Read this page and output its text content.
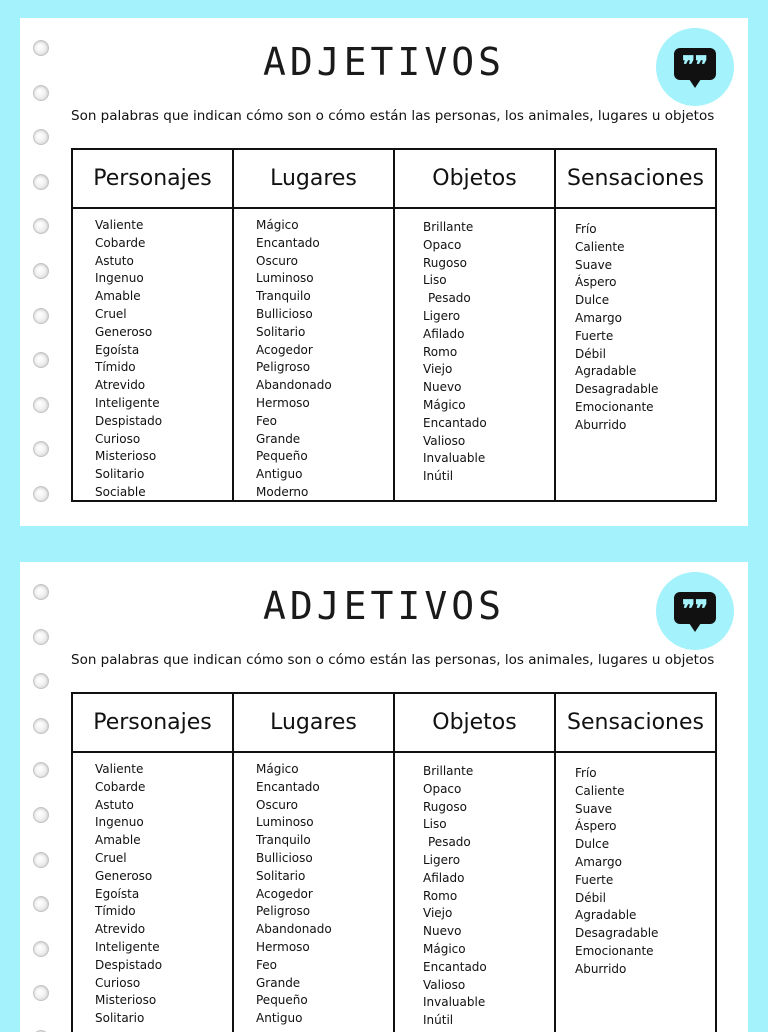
ADJETIVOS	❞❞
Son palabras que indican cómo son o cómo están las personas, los animales, lugares u objetos
Personajes
Valiente
Cobarde
Astuto
Ingenuo
Amable
Cruel
Generoso
Egoísta
Tímido
Atrevido
Inteligente
Despistado
Curioso
Misterioso
Solitario
Sociable
Lugares
Mágico
Encantado
Oscuro
Luminoso
Tranquilo
Bullicioso
Solitario
Acogedor
Peligroso
Abandonado
Hermoso
Feo
Grande
Pequeño
Antiguo
Moderno
Objetos
Brillante
Opaco
Rugoso
Liso
Pesado
Ligero
Afilado
Romo
Viejo
Nuevo
Mágico
Encantado
Valioso
Invaluable
Inútil
Sensaciones
Frío
Caliente
Suave
Áspero
Dulce
Amargo
Fuerte
Débil
Agradable
Desagradable
Emocionante
Aburrido
ADJETIVOS	❞❞
Son palabras que indican cómo son o cómo están las personas, los animales, lugares u objetos
Personajes
Valiente
Cobarde
Astuto
Ingenuo
Amable
Cruel
Generoso
Egoísta
Tímido
Atrevido
Inteligente
Despistado
Curioso
Misterioso
Solitario
Lugares
Mágico
Encantado
Oscuro
Luminoso
Tranquilo
Bullicioso
Solitario
Acogedor
Peligroso
Abandonado
Hermoso
Feo
Grande
Pequeño
Antiguo
Objetos
Brillante
Opaco
Rugoso
Liso
Pesado
Ligero
Afilado
Romo
Viejo
Nuevo
Mágico
Encantado
Valioso
Invaluable
Inútil
Sensaciones
Frío
Caliente
Suave
Áspero
Dulce
Amargo
Fuerte
Débil
Agradable
Desagradable
Emocionante
Aburrido
